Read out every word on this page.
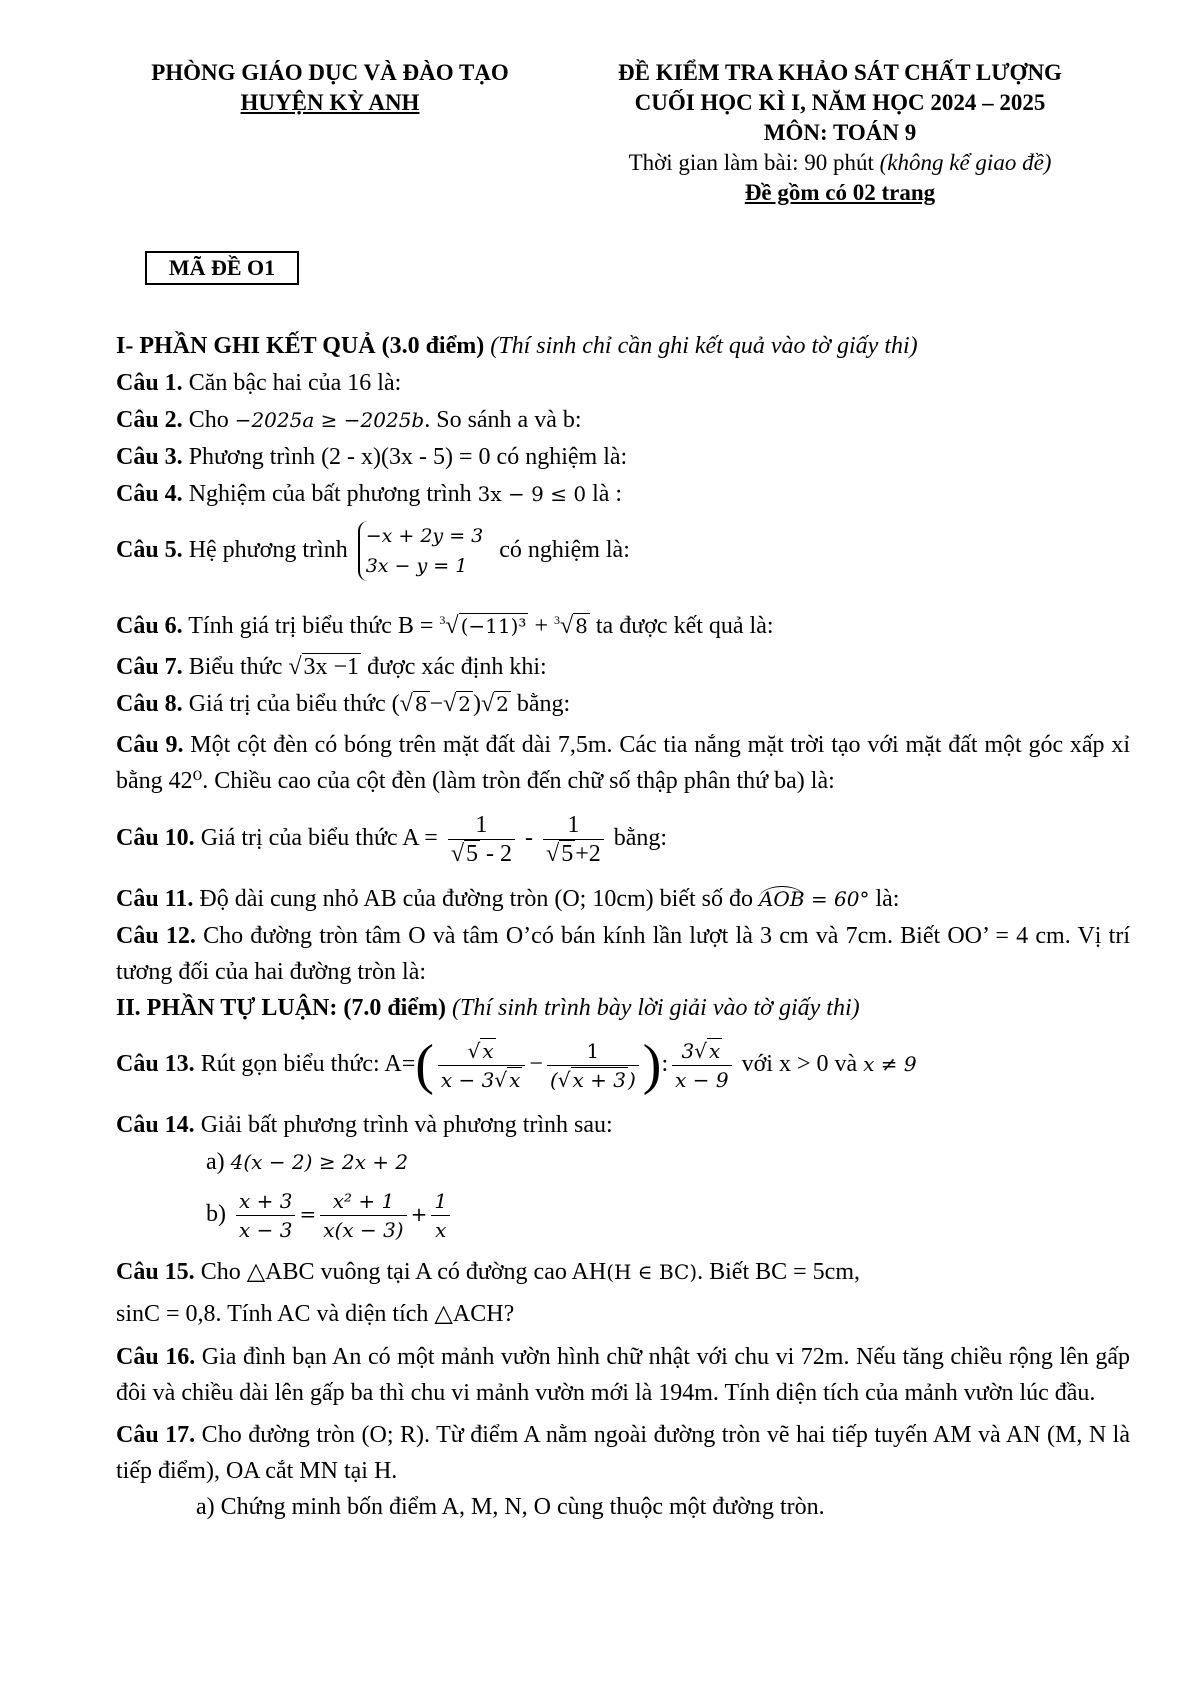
PHÒNG GIÁO DỤC VÀ ĐÀO TẠO
HUYỆN KỲ ANH
ĐỀ KIỂM TRA KHẢO SÁT CHẤT LƯỢNG
CUỐI HỌC KÌ I, NĂM HỌC 2024 – 2025
MÔN: TOÁN 9
Thời gian làm bài: 90 phút (không kể giao đề)
Đề gồm có 02 trang
MÃ ĐỀ O1
I- PHẦN GHI KẾT QUẢ (3.0 điểm) (Thí sinh chỉ cần ghi kết quả vào tờ giấy thi)
Câu 1. Căn bậc hai của 16 là:
Câu 2. Cho −2025a ≥ −2025b. So sánh a và b:
Câu 3. Phương trình (2 - x)(3x - 5) = 0 có nghiệm là:
Câu 4. Nghiệm của bất phương trình 3x − 9 ≤ 0 là :
Câu 5. Hệ phương trình
−x + 2y = 3
3x − y = 1
có nghiệm là:
Câu 6. Tính giá trị biểu thức B = $^3$√ (−11)³ + $^3$√ 8 ta được kết quả là:
Câu 7. Biểu thức √3x −1 được xác định khi:
Câu 8. Giá trị của biểu thức (√ 8−√ 2)√ 2 bằng:
Câu 9. Một cột đèn có bóng trên mặt đất dài 7,5m. Các tia nắng mặt trời tạo với mặt đất một góc xấp xỉ bằng 42⁰. Chiều cao của cột đèn (làm tròn đến chữ số thập phân thứ ba) là:
Câu 10. Giá trị của biểu thức $A = \frac{1}{√5 - 2} - \frac{1}{√5+2}$ bằng:
Câu 11. Độ dài cung nhỏ AB của đường tròn (O; 10cm) biết số đo AOB = 60° là:
Câu 12. Cho đường tròn tâm O và tâm O’có bán kính lần lượt là 3 cm và 7cm. Biết OO’ = 4 cm. Vị trí tương đối của hai đường tròn là:
II. PHẦN TỰ LUẬN: (7.0 điểm) (Thí sinh trình bày lời giải vào tờ giấy thi)
Câu 13. Rút gọn biểu thức: $A=( \frac{√ x}{x - 3√ x} - \frac{1}{(√ x + 3 )}$ ): $\frac{3√ x}{x - 9}$ với x > 0 và x ≠ 9
Câu 14. Giải bất phương trình và phương trình sau:
a) 4(x − 2) ≥ 2x + 2
$b) \frac{x + 3}{x - 3} = \frac{\text{x² + 1}}{x(x - 3)} + \frac{1}{x}$
Câu 15. Cho △ABC vuông tại A có đường cao AH(H ∈ BC). Biết BC = 5cm,
sinC = 0,8. Tính AC và diện tích △ACH?
Câu 16. Gia đình bạn An có một mảnh vườn hình chữ nhật với chu vi 72m. Nếu tăng chiều rộng lên gấp đôi và chiều dài lên gấp ba thì chu vi mảnh vườn mới là 194m. Tính diện tích của mảnh vườn lúc đầu.
Câu 17. Cho đường tròn (O; R). Từ điểm A nằm ngoài đường tròn vẽ hai tiếp tuyến AM và AN (M, N là tiếp điểm), OA cắt MN tại H.
a) Chứng minh bốn điểm A, M, N, O cùng thuộc một đường tròn.
